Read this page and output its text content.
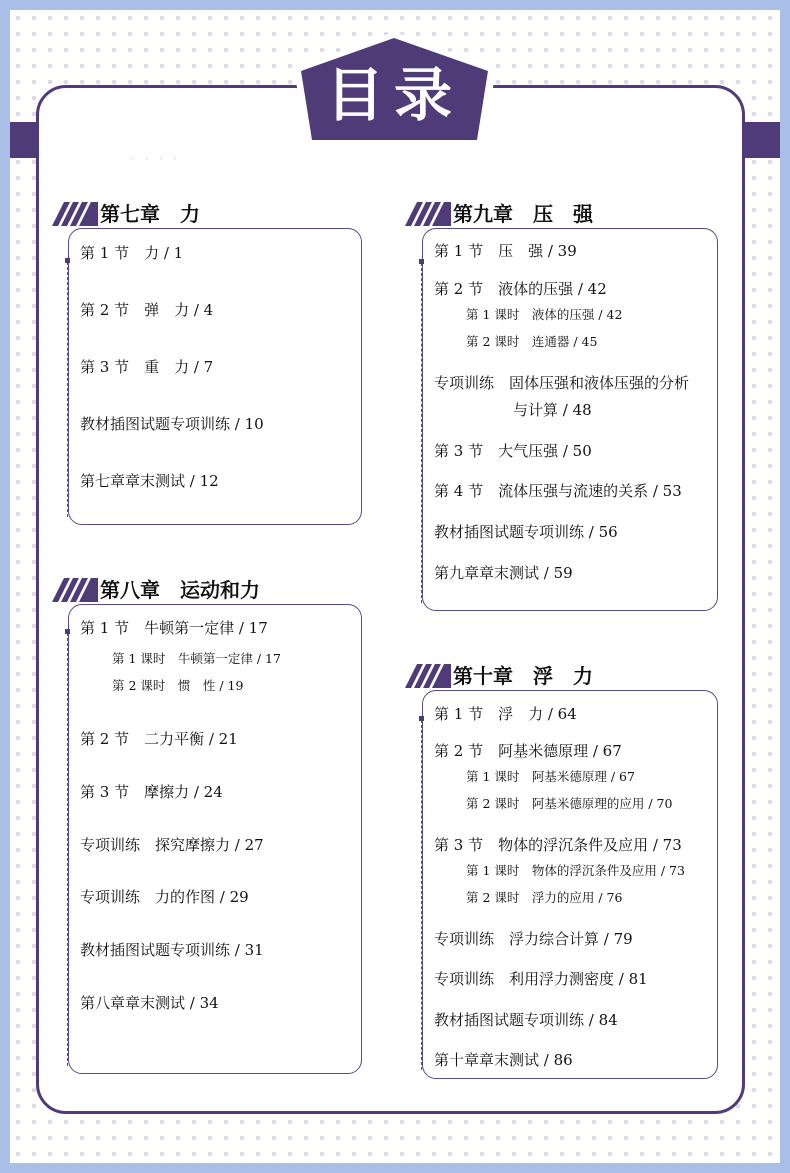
· · · ·
目录
第七章　力
第 1 节　力 / 1
第 2 节　弹　力 / 4
第 3 节　重　力 / 7
教材插图试题专项训练 / 10
第七章章末测试 / 12
第八章　运动和力
第 1 节　牛顿第一定律 / 17
第 1 课时　牛顿第一定律 / 17
第 2 课时　惯　性 / 19
第 2 节　二力平衡 / 21
第 3 节　摩擦力 / 24
专项训练　探究摩擦力 / 27
专项训练　力的作图 / 29
教材插图试题专项训练 / 31
第八章章末测试 / 34
第九章　压　强
第 1 节　压　强 / 39
第 2 节　液体的压强 / 42
第 1 课时　液体的压强 / 42
第 2 课时　连通器 / 45
专项训练　固体压强和液体压强的分析
与计算 / 48
第 3 节　大气压强 / 50
第 4 节　流体压强与流速的关系 / 53
教材插图试题专项训练 / 56
第九章章末测试 / 59
第十章　浮　力
第 1 节　浮　力 / 64
第 2 节　阿基米德原理 / 67
第 1 课时　阿基米德原理 / 67
第 2 课时　阿基米德原理的应用 / 70
第 3 节　物体的浮沉条件及应用 / 73
第 1 课时　物体的浮沉条件及应用 / 73
第 2 课时　浮力的应用 / 76
专项训练　浮力综合计算 / 79
专项训练　利用浮力测密度 / 81
教材插图试题专项训练 / 84
第十章章末测试 / 86
